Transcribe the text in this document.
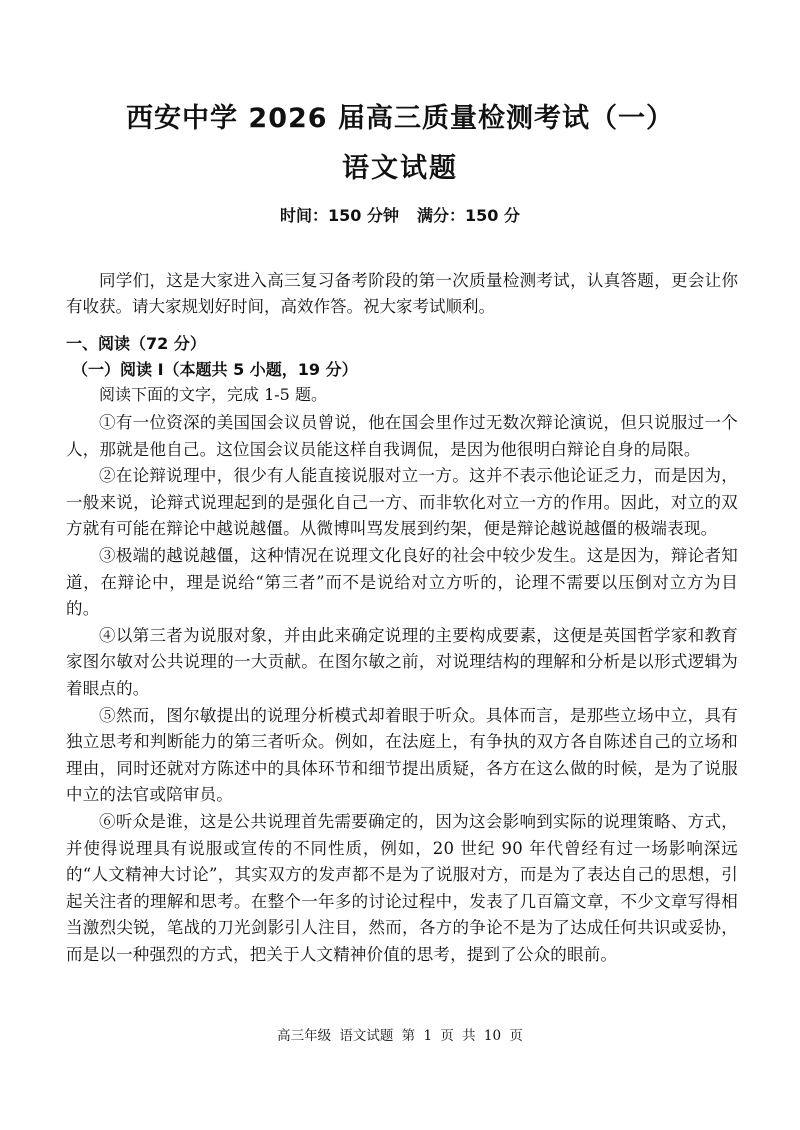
西安中学 2026 届高三质量检测考试（一）
语文试题
时间：150 分钟 满分：150 分
同学们，这是大家进入高三复习备考阶段的第一次质量检测考试，认真答题，更会让你有收获。请大家规划好时间，高效作答。祝大家考试顺利。
一、阅读（72 分）
（一）阅读 I（本题共 5 小题，19 分）
阅读下面的文字，完成 1-5 题。

①有一位资深的美国国会议员曾说，他在国会里作过无数次辩论演说，但只说服过一个人，那就是他自己。这位国会议员能这样自我调侃，是因为他很明白辩论自身的局限。

②在论辩说理中，很少有人能直接说服对立一方。这并不表示他论证乏力，而是因为，一般来说，论辩式说理起到的是强化自己一方、而非软化对立一方的作用。因此，对立的双方就有可能在辩论中越说越僵。从微博叫骂发展到约架，便是辩论越说越僵的极端表现。

③极端的越说越僵，这种情况在说理文化良好的社会中较少发生。这是因为，辩论者知道，在辩论中，理是说给“第三者”而不是说给对立方听的，论理不需要以压倒对立方为目的。

④以第三者为说服对象，并由此来确定说理的主要构成要素，这便是英国哲学家和教育家图尔敏对公共说理的一大贡献。在图尔敏之前，对说理结构的理解和分析是以形式逻辑为着眼点的。

⑤然而，图尔敏提出的说理分析模式却着眼于听众。具体而言，是那些立场中立，具有独立思考和判断能力的第三者听众。例如，在法庭上，有争执的双方各自陈述自己的立场和理由，同时还就对方陈述中的具体环节和细节提出质疑，各方在这么做的时候，是为了说服中立的法官或陪审员。

⑥听众是谁，这是公共说理首先需要确定的，因为这会影响到实际的说理策略、方式，并使得说理具有说服或宣传的不同性质，例如，20 世纪 90 年代曾经有过一场影响深远的“人文精神大讨论”，其实双方的发声都不是为了说服对方，而是为了表达自己的思想，引起关注者的理解和思考。在整个一年多的讨论过程中，发表了几百篇文章，不少文章写得相当激烈尖锐，笔战的刀光剑影引人注目，然而，各方的争论不是为了达成任何共识或妥协，而是以一种强烈的方式，把关于人文精神价值的思考，提到了公众的眼前。

高三年级 语文试题 第 1 页 共 10 页
